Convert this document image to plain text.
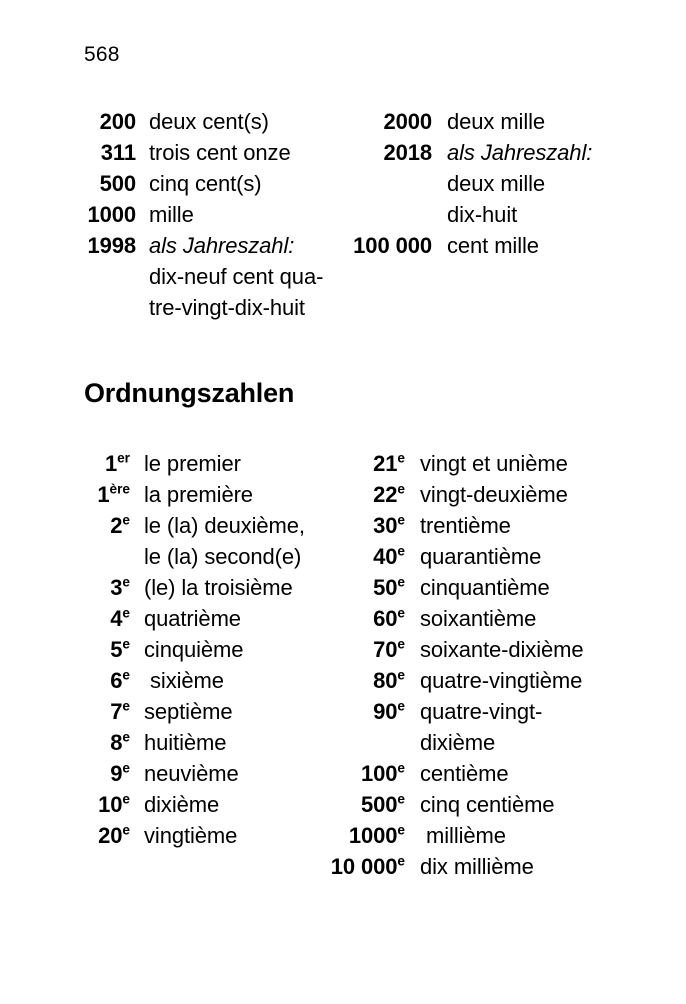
568
200 deux cent(s)
311 trois cent onze
500 cinq cent(s)
1000 mille
1998 als Jahreszahl:
dix-neuf cent qua-
tre-vingt-dix-huit
2000 deux mille
2018 als Jahreszahl:
deux mille
dix-huit
100 000 cent mille
Ordnungszahlen
1er le premier
1ère la première
2e le (la) deuxième,
le (la) second(e)
3e (le) la troisième
4e quatrième
5e cinquième
6e sixième
7e septième
8e huitième
9e neuvième
10e dixième
20e vingtième
21e vingt et unième
22e vingt-deuxième
30e trentième
40e quarantième
50e cinquantième
60e soixantième
70e soixante-dixième
80e quatre-vingtième
90e quatre-vingt-
dixième
100e centième
500e cinq centième
1000e millième
10 000e dix millième
